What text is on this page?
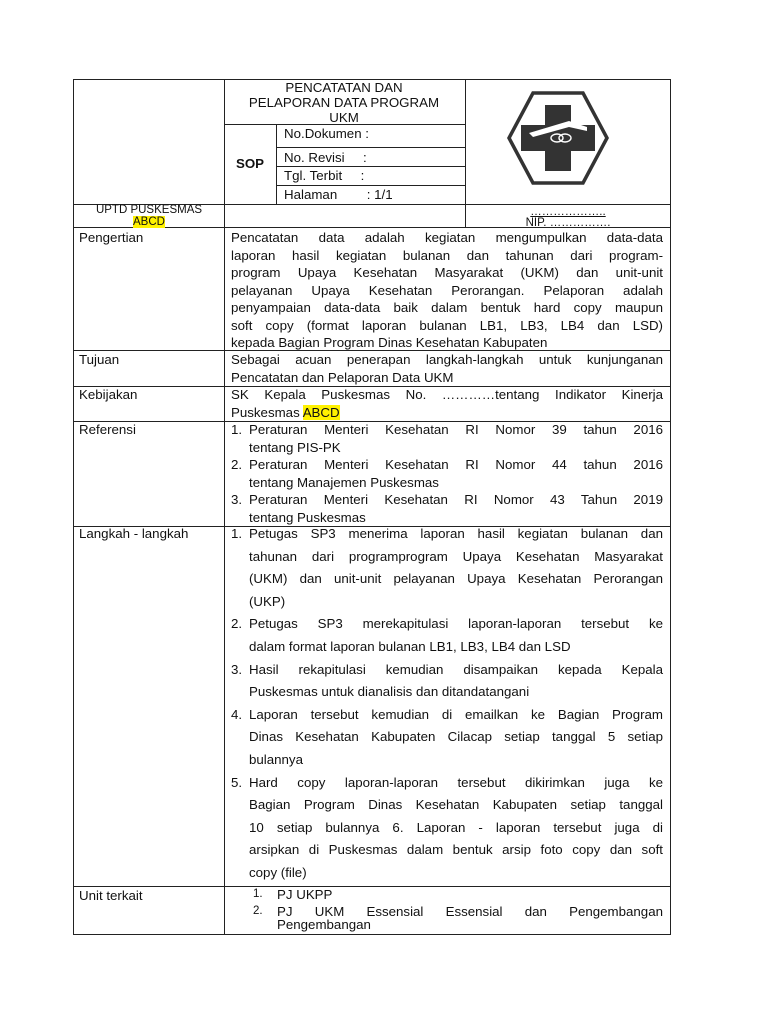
PENCATATAN DAN
PELAPORAN DATA PROGRAM
UKM
SOP
No.Dokumen :
No. Revisi     :
Tgl. Terbit     :
Halaman        : 1/1
UPTD PUSKESMAS
ABCD
………………..
NIP. …………….
Pengertian	Pencatatan data adalah kegiatan mengumpulkan data-data
laporan hasil kegiatan bulanan dan tahunan dari program-
program Upaya Kesehatan Masyarakat (UKM) dan unit-unit
pelayanan Upaya Kesehatan Perorangan. Pelaporan adalah
penyampaian data-data baik dalam bentuk hard copy maupun
soft copy (format laporan bulanan LB1, LB3, LB4 dan LSD)
kepada Bagian Program Dinas Kesehatan Kabupaten
Tujuan	Sebagai acuan penerapan langkah-langkah untuk kunjunganan
Pencatatan dan Pelaporan Data UKM
Kebijakan	SK Kepala Puskesmas No. …………tentang Indikator Kinerja
Puskesmas ABCD
Referensi	1. Peraturan Menteri Kesehatan RI Nomor 39 tahun 2016
tentang PIS-PK
2. Peraturan Menteri Kesehatan RI Nomor 44 tahun 2016
tentang Manajemen Puskesmas
3. Peraturan Menteri Kesehatan RI Nomor 43 Tahun 2019
tentang Puskesmas
Langkah - langkah	1. Petugas SP3 menerima laporan hasil kegiatan bulanan dan
tahunan dari programprogram Upaya Kesehatan Masyarakat
(UKM) dan unit-unit pelayanan Upaya Kesehatan Perorangan
(UKP)
2. Petugas SP3 merekapitulasi laporan-laporan tersebut ke
dalam format laporan bulanan LB1, LB3, LB4 dan LSD
3. Hasil rekapitulasi kemudian disampaikan kepada Kepala
Puskesmas untuk dianalisis dan ditandatangani
4. Laporan tersebut kemudian di emailkan ke Bagian Program
Dinas Kesehatan Kabupaten Cilacap setiap tanggal 5 setiap
bulannya
5. Hard copy laporan-laporan tersebut dikirimkan juga ke
Bagian Program Dinas Kesehatan Kabupaten setiap tanggal
10 setiap bulannya 6. Laporan - laporan tersebut juga di
arsipkan di Puskesmas dalam bentuk arsip foto copy dan soft
copy (file)
Unit terkait	1. PJ UKPP
2. PJ UKM Essensial Essensial dan Pengembangan
Pengembangan
